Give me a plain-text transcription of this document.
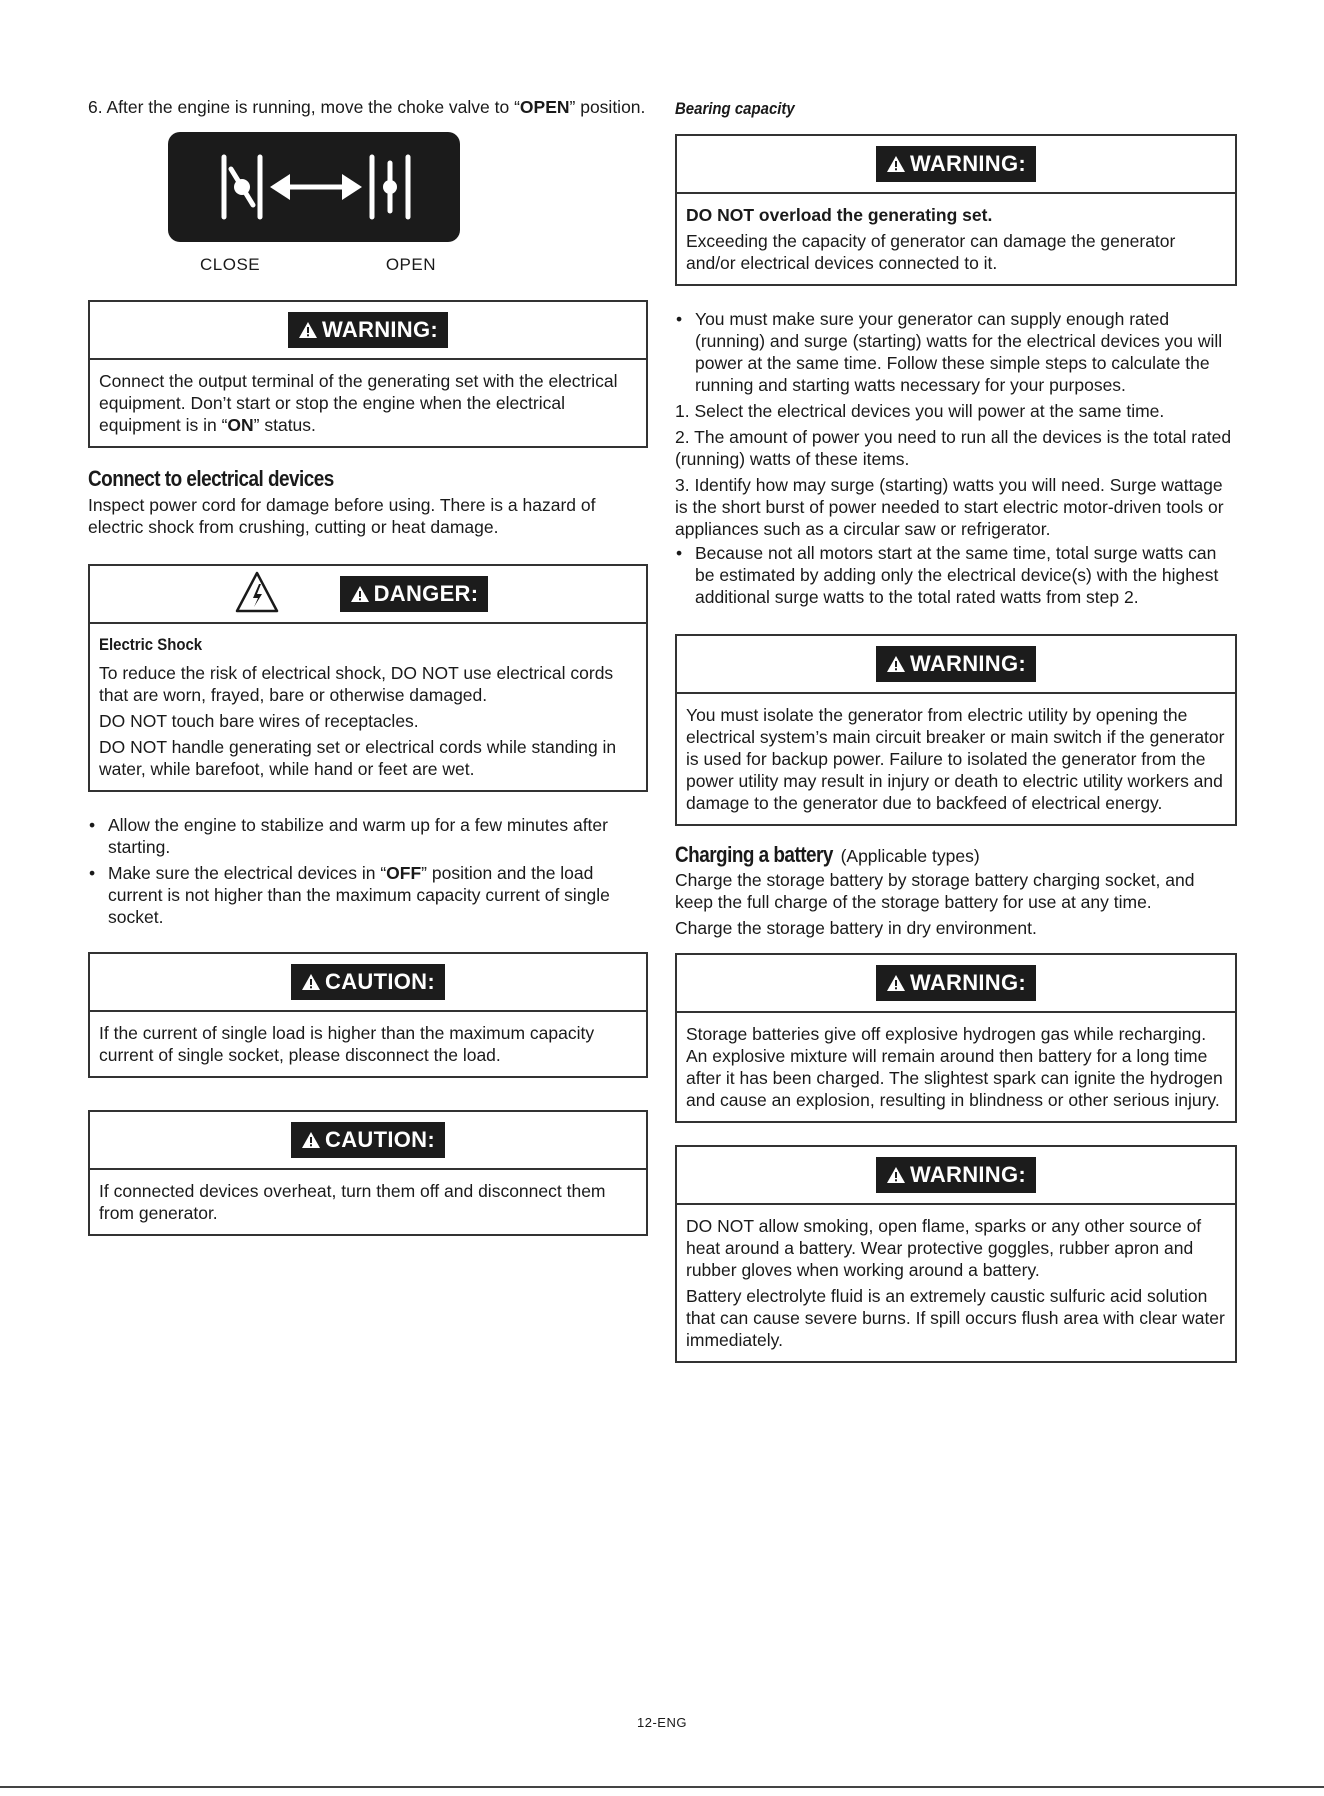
6. After the engine is running, move the choke valve to “OPEN” position.

CLOSE	OPEN
WARNING:

Connect the output terminal of the generating set with the electrical equipment. Don’t start or stop the engine when the electrical equipment is in “ON” status.

Connect to electrical devices

Inspect power cord for damage before using. There is a hazard of electric shock from crushing, cutting or heat damage.

DANGER:
Electric Shock

To reduce the risk of electrical shock, DO NOT use electrical cords that are worn, frayed, bare or otherwise damaged.

DO NOT touch bare wires of receptacles.

DO NOT handle generating set or electrical cords while standing in water, while barefoot, while hand or feet are wet.

• Allow the engine to stabilize and warm up for a few minutes after starting.
• Make sure the electrical devices in “OFF” position and the load current is not higher than the maximum capacity current of single socket.
CAUTION:

If the current of single load is higher than the maximum capacity current of single socket, please disconnect the load.

CAUTION:

If connected devices overheat, turn them off and disconnect them from generator.

Bearing capacity
WARNING:

DO NOT overload the generating set.

Exceeding the capacity of generator can damage the generator and/or electrical devices connected to it.

• You must make sure your generator can supply enough rated (running) and surge (starting) watts for the electrical devices you will power at the same time. Follow these simple steps to calculate the running and starting watts necessary for your purposes.

1. Select the electrical devices you will power at the same time.

2. The amount of power you need to run all the devices is the total rated (running) watts of these items.

3. Identify how may surge (starting) watts you will need. Surge wattage is the short burst of power needed to start electric motor-driven tools or appliances such as a circular saw or refrigerator.

• Because not all motors start at the same time, total surge watts can be estimated by adding only the electrical device(s) with the highest additional surge watts to the total rated watts from step 2.
WARNING:

You must isolate the generator from electric utility by opening the electrical system’s main circuit breaker or main switch if the generator is used for backup power. Failure to isolated the generator from the power utility may result in injury or death to electric utility workers and damage to the generator due to backfeed of electrical energy.

Charging a battery (Applicable types)

Charge the storage battery by storage battery charging socket, and keep the full charge of the storage battery for use at any time.

Charge the storage battery in dry environment.

WARNING:

Storage batteries give off explosive hydrogen gas while recharging. An explosive mixture will remain around then battery for a long time after it has been charged. The slightest spark can ignite the hydrogen and cause an explosion, resulting in blindness or other serious injury.

WARNING:

DO NOT allow smoking, open flame, sparks or any other source of heat around a battery. Wear protective goggles, rubber apron and rubber gloves when working around a battery.

Battery electrolyte fluid is an extremely caustic sulfuric acid solution that can cause severe burns. If spill occurs flush area with clear water immediately.

12-ENG
